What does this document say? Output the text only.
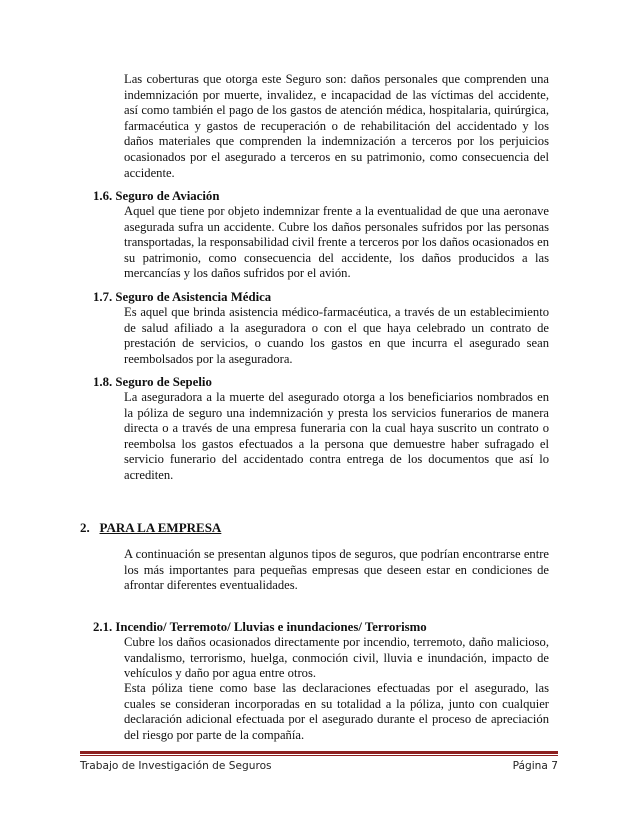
Las coberturas que otorga este Seguro son: daños personales que comprenden una indemnización por muerte, invalidez, e incapacidad de las víctimas del accidente, así como también el pago de los gastos de atención médica, hospitalaria, quirúrgica, farmacéutica y gastos de recuperación o de rehabilitación del accidentado y los daños materiales que comprenden la indemnización a terceros por los perjuicios ocasionados por el asegurado a terceros en su patrimonio, como consecuencia del accidente.

1.6. Seguro de Aviación

Aquel que tiene por objeto indemnizar frente a la eventualidad de que una aeronave asegurada sufra un accidente. Cubre los daños personales sufridos por las personas transportadas, la responsabilidad civil frente a terceros por los daños ocasionados en su patrimonio, como consecuencia del accidente, los daños producidos a las mercancías y los daños sufridos por el avión.

1.7. Seguro de Asistencia Médica

Es aquel que brinda asistencia médico-farmacéutica, a través de un establecimiento de salud afiliado a la aseguradora o con el que haya celebrado un contrato de prestación de servicios, o cuando los gastos en que incurra el asegurado sean reembolsados por la aseguradora.

1.8. Seguro de Sepelio

La aseguradora a la muerte del asegurado otorga a los beneficiarios nombrados en la póliza de seguro una indemnización y presta los servicios funerarios de manera directa o a través de una empresa funeraria con la cual haya suscrito un contrato o reembolsa los gastos efectuados a la persona que demuestre haber sufragado el servicio funerario del accidentado contra entrega de los documentos que así lo acrediten.

2. PARA LA EMPRESA

A continuación se presentan algunos tipos de seguros, que podrían encontrarse entre los más importantes para pequeñas empresas que deseen estar en condiciones de afrontar diferentes eventualidades.

2.1. Incendio/ Terremoto/ Lluvias e inundaciones/ Terrorismo

Cubre los daños ocasionados directamente por incendio, terremoto, daño malicioso, vandalismo, terrorismo, huelga, conmoción civil, lluvia e inundación, impacto de vehículos y daño por agua entre otros.

Esta póliza tiene como base las declaraciones efectuadas por el asegurado, las cuales se consideran incorporadas en su totalidad a la póliza, junto con cualquier declaración adicional efectuada por el asegurado durante el proceso de apreciación del riesgo por parte de la compañía.

Trabajo de Investigación de Seguros	Página 7
